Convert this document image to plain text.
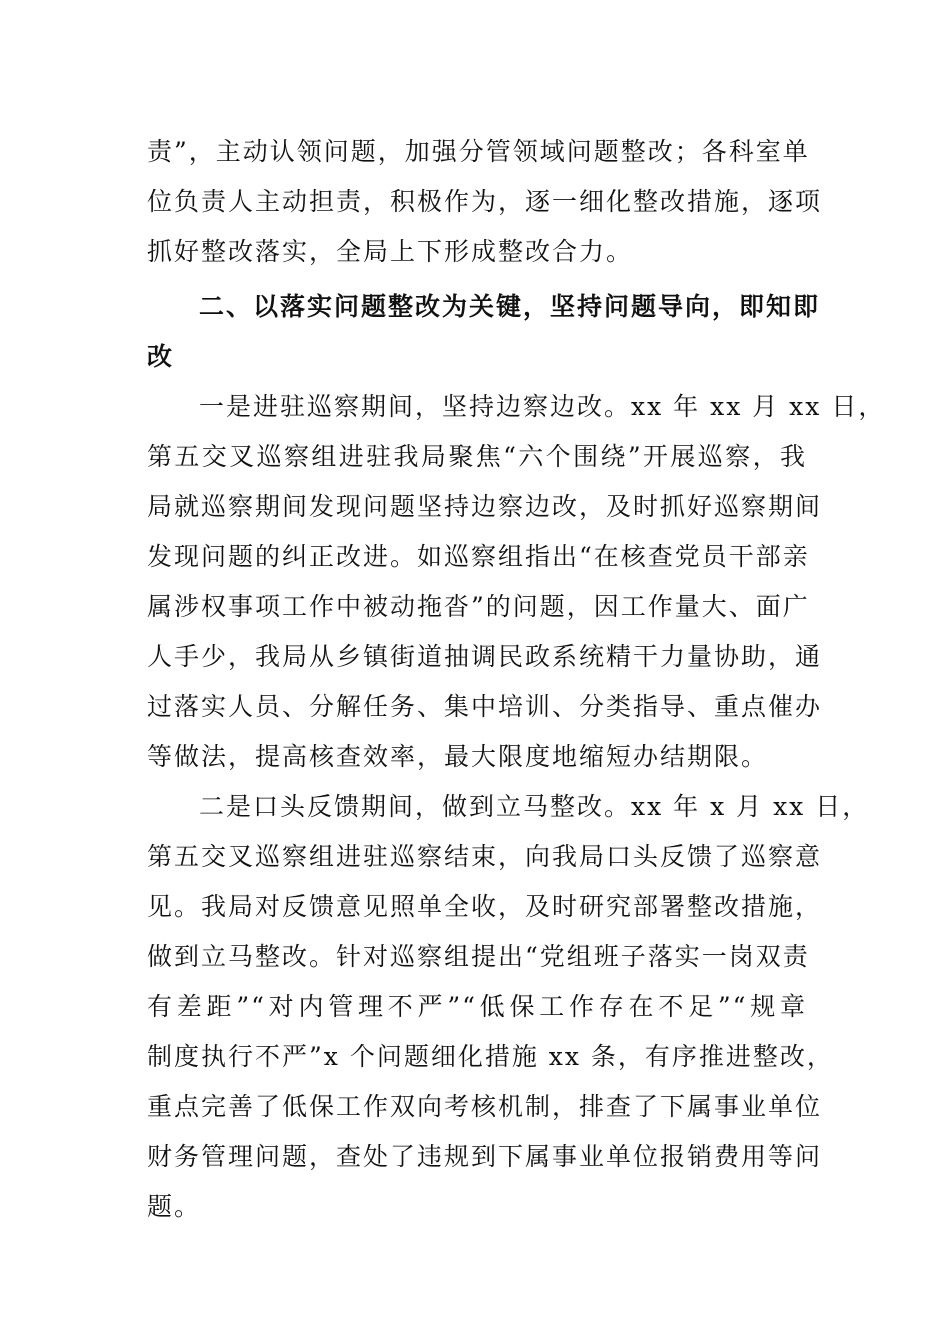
责”，主动认领问题，加强分管领域问题整改；各科室单
位负责人主动担责，积极作为，逐一细化整改措施，逐项
抓好整改落实，全局上下形成整改合力。
二、以落实问题整改为关键，坚持问题导向，即知即
改
一是进驻巡察期间，坚持边察边改。xx 年 xx 月 xx 日，
第五交叉巡察组进驻我局聚焦“六个围绕”开展巡察，我
局就巡察期间发现问题坚持边察边改，及时抓好巡察期间
发现问题的纠正改进。如巡察组指出“在核查党员干部亲
属涉权事项工作中被动拖沓”的问题，因工作量大、面广
人手少，我局从乡镇街道抽调民政系统精干力量协助，通
过落实人员、分解任务、集中培训、分类指导、重点催办
等做法，提高核查效率，最大限度地缩短办结期限。
二是口头反馈期间，做到立马整改。xx 年 x 月 xx 日，
第五交叉巡察组进驻巡察结束，向我局口头反馈了巡察意
见。我局对反馈意见照单全收，及时研究部署整改措施，
做到立马整改。针对巡察组提出“党组班子落实一岗双责
有差距”“对内管理不严”“低保工作存在不足”“规章
制度执行不严”x 个问题细化措施 xx 条，有序推进整改，
重点完善了低保工作双向考核机制，排查了下属事业单位
财务管理问题，查处了违规到下属事业单位报销费用等问
题。
